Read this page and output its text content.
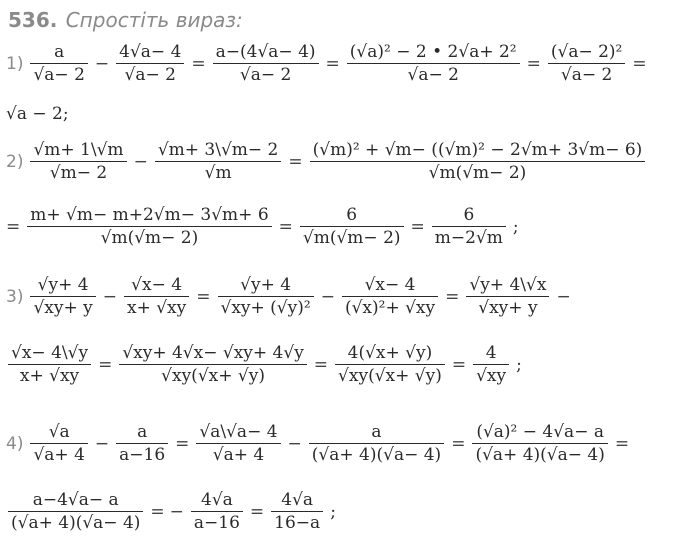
536. Спростіть вираз:
$1) \frac{a}{√a- 2} - \frac{4√a- 4}{√a- 2} = \frac{a-(4√a- 4)}{√a- 2} = \frac{\text{(√a)² − 2 • 2√a+ 2²}}{√a- 2} = \frac{\text{(√a− 2)²}}{√a- 2}$ =
√a − 2;
$2) \frac{√m+ 1\backslash√m}{√m- 2} - \frac{√m+ 3\backslash√m- 2}{√m} = \frac{\text{(√m)² + √m− ((√m)² − 2√m+ 3√m− 6)}}{√m(√m- 2)}$
= $\frac{m+ √m- m+2√m- 3√m+ 6}{√m(√m- 2)} = \frac{6}{√m(√m- 2)} = \frac{6}{m-2√m}$ ;
$3) \frac{√y+ 4}{√xy+ y} - \frac{√x- 4}{x+ √xy} = \frac{√y+ 4}{\text{√xy+ (√y)²}} - \frac{√x- 4}{\text{(√x)²+ √xy}} = \frac{√y+ 4\backslash√x}{√xy+ y}$ −
$\frac{√x- 4\backslash√y}{x+ √xy} = \frac{√xy+ 4√x- √xy+ 4√y}{√xy(√x+ √y)} = \frac{4(√x+ √y)}{√xy(√x+ √y)} = \frac{4}{√xy}$ ;
$4) \frac{√a}{√a+ 4} - \frac{a}{a-16} = \frac{√a\backslash√a- 4}{√a+ 4} - \frac{a}{(√a+ 4)(√a- 4)} = \frac{\text{(√a)² − 4√a− a}}{(√a+ 4)(√a- 4)}$ =
$\frac{a-4√a- a}{(√a+ 4)(√a- 4)}$ = − $\frac{4√a}{a-16} = \frac{4√a}{16-a}$ ;
